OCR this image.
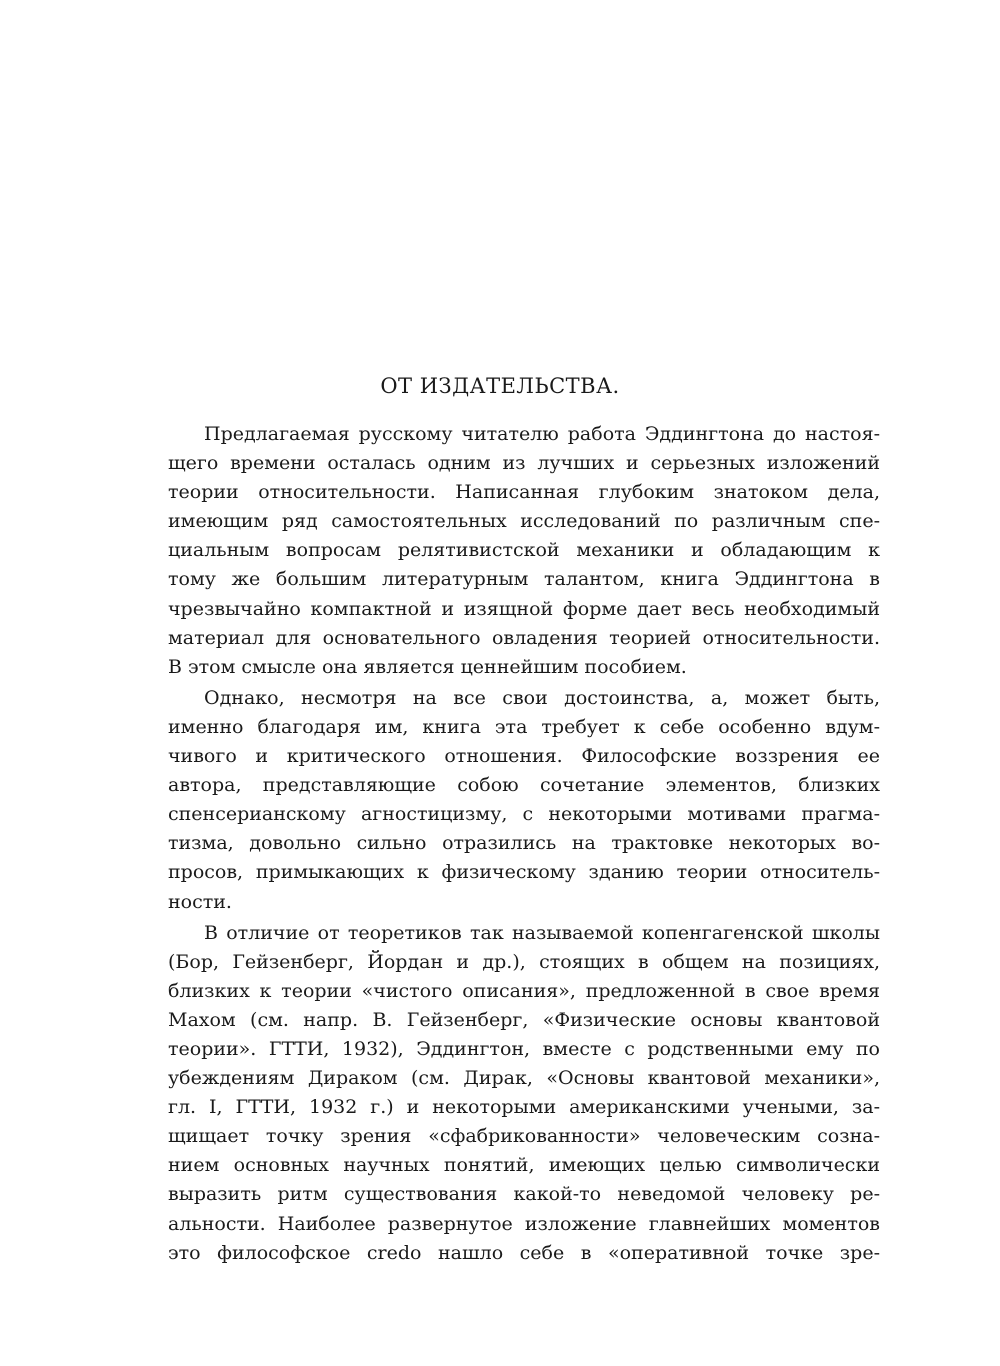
ОТ ИЗДАТЕЛЬСТВА.
Предлагаемая русскому читателю работа Эддингтона до настоя-
щего времени осталась одним из лучших и серьезных изложений
теории относительности. Написанная глубоким знатоком дела,
имеющим ряд самостоятельных исследований по различным спе-
циальным вопросам релятивистской механики и обладающим к
тому же большим литературным талантом, книга Эддингтона в
чрезвычайно компактной и изящной форме дает весь необходимый
материал для основательного овладения теорией относительности.
В этом смысле она является ценнейшим пособием.
Однако, несмотря на все свои достоинства, а, может быть,
именно благодаря им, книга эта требует к себе особенно вдум-
чивого и критического отношения. Философские воззрения ее
автора, представляющие собою сочетание элементов, близких
спенсерианскому агностицизму, с некоторыми мотивами прагма-
тизма, довольно сильно отразились на трактовке некоторых во-
просов, примыкающих к физическому зданию теории относитель-
ности.
В отличие от теоретиков так называемой копенгагенской школы
(Бор, Гейзенберг, Йордан и др.), стоящих в общем на позициях,
близких к теории «чистого описания», предложенной в свое время
Махом (см. напр. В. Гейзенберг, «Физические основы квантовой
теории». ГТТИ, 1932), Эддингтон, вместе с родственными ему по
убеждениям Дираком (см. Дирак, «Основы квантовой механики»,
гл. I, ГТТИ, 1932 г.) и некоторыми американскими учеными, за-
щищает точку зрения «сфабрикованности» человеческим созна-
нием основных научных понятий, имеющих целью символически
выразить ритм существования какой-то неведомой человеку ре-
альности. Наиболее развернутое изложение главнейших моментов
это философское credo нашло себе в «оперативной точке зре-
